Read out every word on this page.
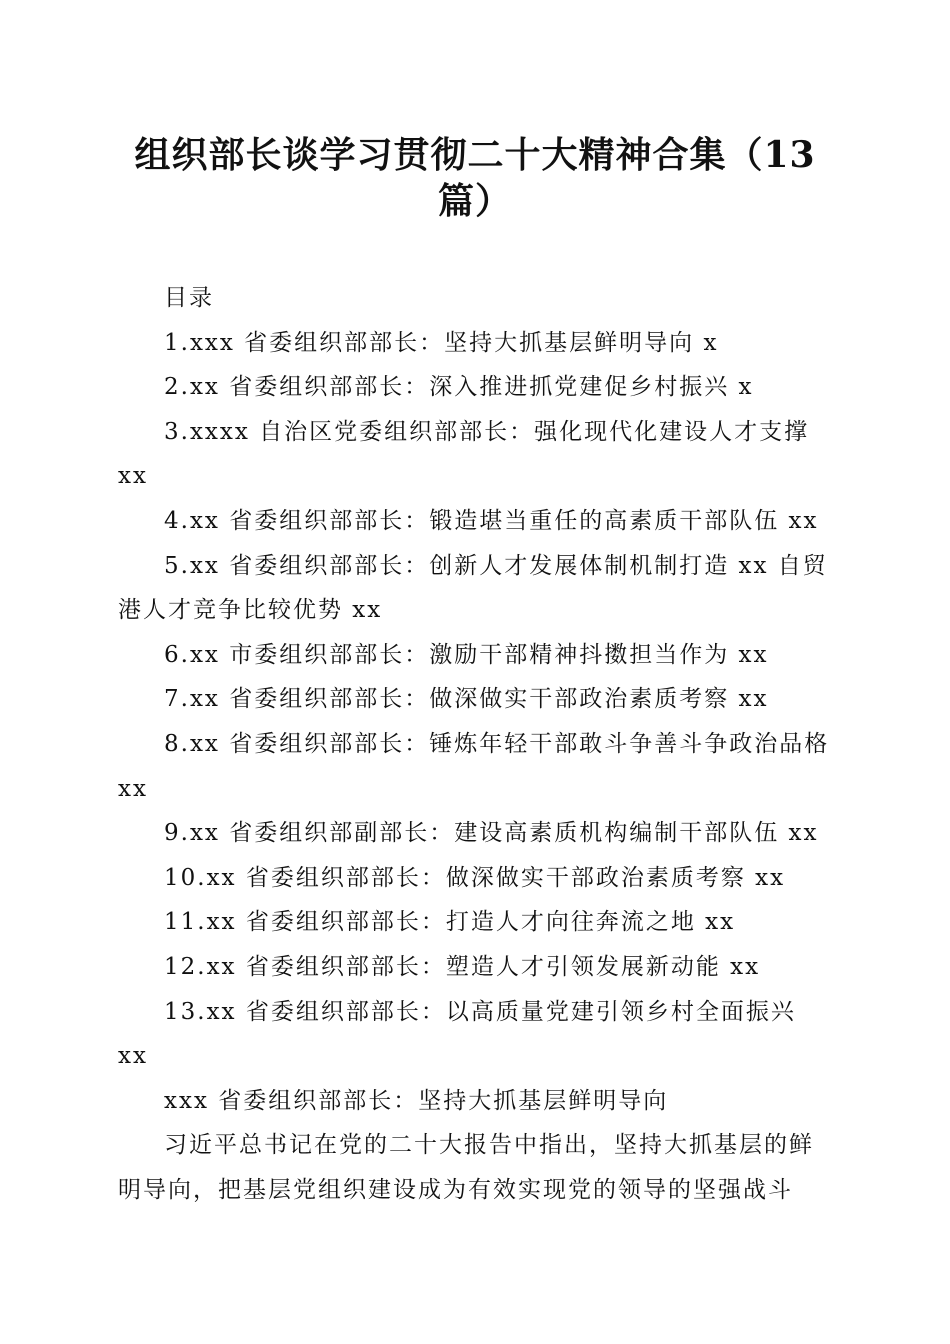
组织部长谈学习贯彻二十大精神合集（13篇）

目录

1.xxx 省委组织部部长：坚持大抓基层鲜明导向 x

2.xx 省委组织部部长：深入推进抓党建促乡村振兴 x

3.xxxx 自治区党委组织部部长：强化现代化建设人才支撑 xx

4.xx 省委组织部部长：锻造堪当重任的高素质干部队伍 xx

5.xx 省委组织部部长：创新人才发展体制机制打造 xx 自贸港人才竞争比较优势 xx

6.xx 市委组织部部长：激励干部精神抖擞担当作为 xx

7.xx 省委组织部部长：做深做实干部政治素质考察 xx

8.xx 省委组织部部长：锤炼年轻干部敢斗争善斗争政治品格 xx

9.xx 省委组织部副部长：建设高素质机构编制干部队伍 xx

10.xx 省委组织部部长：做深做实干部政治素质考察 xx

11.xx 省委组织部部长：打造人才向往奔流之地 xx

12.xx 省委组织部部长：塑造人才引领发展新动能 xx

13.xx 省委组织部部长：以高质量党建引领乡村全面振兴 xx

xxx 省委组织部部长：坚持大抓基层鲜明导向

习近平总书记在党的二十大报告中指出，坚持大抓基层的鲜明导向，把基层党组织建设成为有效实现党的领导的坚强战斗
